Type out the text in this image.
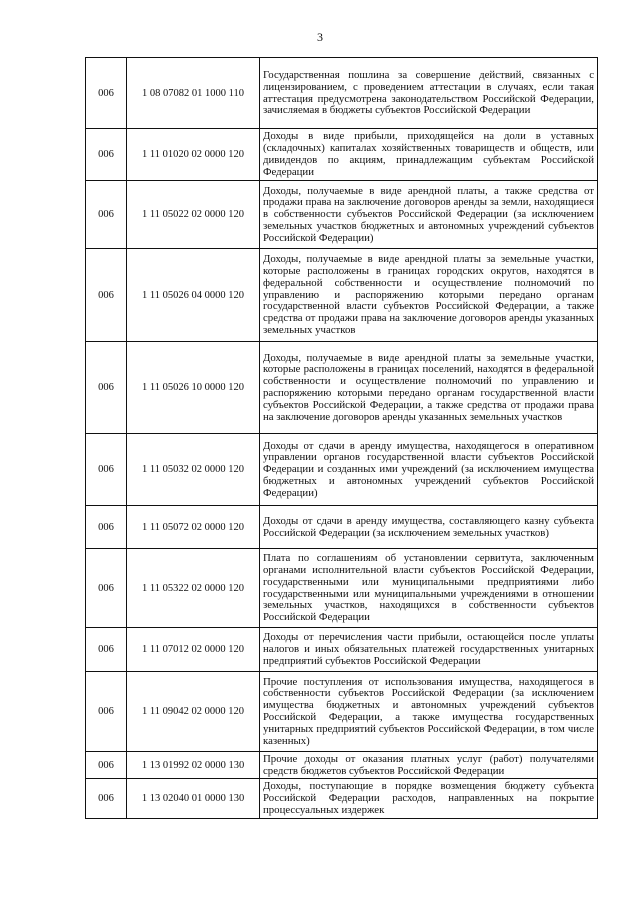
3
006	1 08 07082 01 1000 110	Государственная пошлина за совершение действий, связанных с лицензированием, с проведением аттестации в случаях, если такая аттестация предусмотрена законодательством Российской Федерации, зачисляемая в бюджеты субъектов Российской Федерации
006	1 11 01020 02 0000 120	Доходы в виде прибыли, приходящейся на доли в уставных (складочных) капиталах хозяйственных товариществ и обществ, или дивидендов по акциям, принадлежащим субъектам Российской Федерации
006	1 11 05022 02 0000 120	Доходы, получаемые в виде арендной платы, а также средства от продажи права на заключение договоров аренды за земли, находящиеся в собственности субъектов Российской Федерации (за исключением земельных участков бюджетных и автономных учреждений субъектов Российской Федерации)
006	1 11 05026 04 0000 120	Доходы, получаемые в виде арендной платы за земельные участки, которые расположены в границах городских округов, находятся в федеральной собственности и осуществление полномочий по управлению и распоряжению которыми передано органам государственной власти субъектов Российской Федерации, а также средства от продажи права на заключение договоров аренды указанных земельных участков
006	1 11 05026 10 0000 120	Доходы, получаемые в виде арендной платы за земельные участки, которые расположены в границах поселений, находятся в федеральной собственности и осуществление полномочий по управлению и распоряжению которыми передано органам государственной власти субъектов Российской Федерации, а также средства от продажи права на заключение договоров аренды указанных земельных участков
006	1 11 05032 02 0000 120	Доходы от сдачи в аренду имущества, находящегося в оперативном управлении органов государственной власти субъектов Российской Федерации и созданных ими учреждений (за исключением имущества бюджетных и автономных учреждений субъектов Российской Федерации)
006	1 11 05072 02 0000 120	Доходы от сдачи в аренду имущества, составляющего казну субъекта Российской Федерации (за исключением земельных участков)
006	1 11 05322 02 0000 120	Плата по соглашениям об установлении сервитута, заключенным органами исполнительной власти субъектов Российской Федерации, государственными или муниципальными предприятиями либо государственными или муниципальными учреждениями в отношении земельных участков, находящихся в собственности субъектов Российской Федерации
006	1 11 07012 02 0000 120	Доходы от перечисления части прибыли, остающейся после уплаты налогов и иных обязательных платежей государственных унитарных предприятий субъектов Российской Федерации
006	1 11 09042 02 0000 120	Прочие поступления от использования имущества, находящегося в собственности субъектов Российской Федерации (за исключением имущества бюджетных и автономных учреждений субъектов Российской Федерации, а также имущества государственных унитарных предприятий субъектов Российской Федерации, в том числе казенных)
006	1 13 01992 02 0000 130	Прочие доходы от оказания платных услуг (работ) получателями средств бюджетов субъектов Российской Федерации
006	1 13 02040 01 0000 130	Доходы, поступающие в порядке возмещения бюджету субъекта Российской Федерации расходов, направленных на покрытие процессуальных издержек
